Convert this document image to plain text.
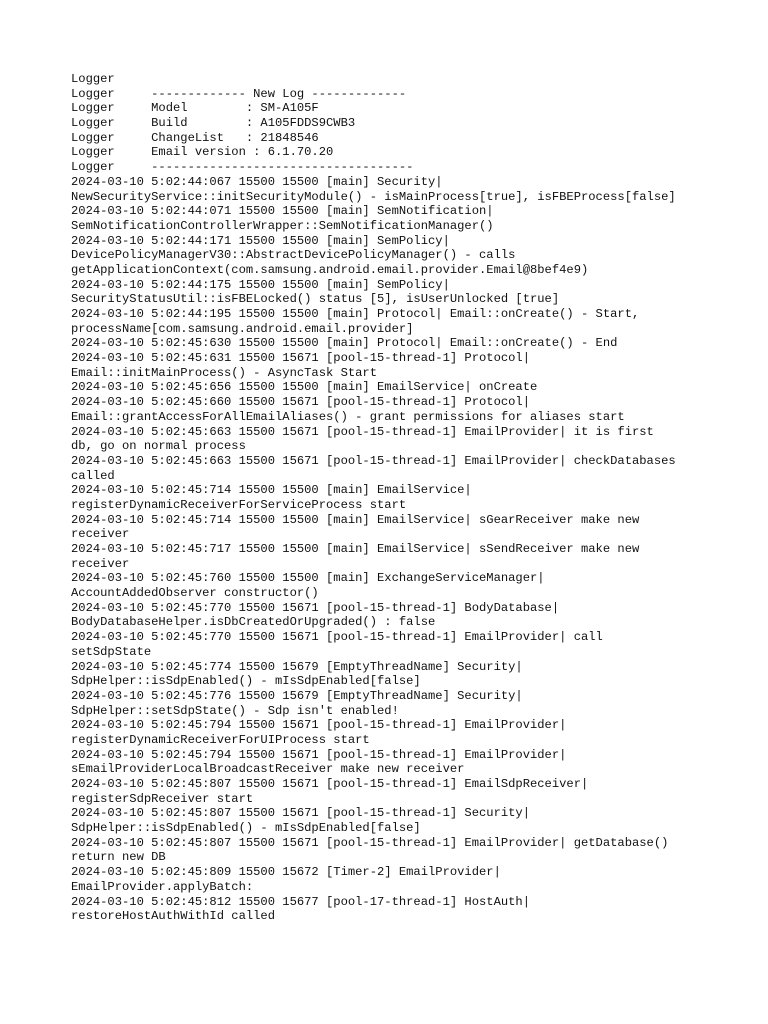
Logger
Logger     ------------- New Log -------------
Logger     Model        : SM-A105F
Logger     Build        : A105FDDS9CWB3
Logger     ChangeList   : 21848546
Logger     Email version : 6.1.70.20
Logger     ------------------------------------
2024-03-10 5:02:44:067 15500 15500 [main] Security|
NewSecurityService::initSecurityModule() - isMainProcess[true], isFBEProcess[false]
2024-03-10 5:02:44:071 15500 15500 [main] SemNotification|
SemNotificationControllerWrapper::SemNotificationManager()
2024-03-10 5:02:44:171 15500 15500 [main] SemPolicy|
DevicePolicyManagerV30::AbstractDevicePolicyManager() - calls
getApplicationContext(com.samsung.android.email.provider.Email@8bef4e9)
2024-03-10 5:02:44:175 15500 15500 [main] SemPolicy|
SecurityStatusUtil::isFBELocked() status [5], isUserUnlocked [true]
2024-03-10 5:02:44:195 15500 15500 [main] Protocol| Email::onCreate() - Start,
processName[com.samsung.android.email.provider]
2024-03-10 5:02:45:630 15500 15500 [main] Protocol| Email::onCreate() - End
2024-03-10 5:02:45:631 15500 15671 [pool-15-thread-1] Protocol|
Email::initMainProcess() - AsyncTask Start
2024-03-10 5:02:45:656 15500 15500 [main] EmailService| onCreate
2024-03-10 5:02:45:660 15500 15671 [pool-15-thread-1] Protocol|
Email::grantAccessForAllEmailAliases() - grant permissions for aliases start
2024-03-10 5:02:45:663 15500 15671 [pool-15-thread-1] EmailProvider| it is first
db, go on normal process
2024-03-10 5:02:45:663 15500 15671 [pool-15-thread-1] EmailProvider| checkDatabases
called
2024-03-10 5:02:45:714 15500 15500 [main] EmailService|
registerDynamicReceiverForServiceProcess start
2024-03-10 5:02:45:714 15500 15500 [main] EmailService| sGearReceiver make new
receiver
2024-03-10 5:02:45:717 15500 15500 [main] EmailService| sSendReceiver make new
receiver
2024-03-10 5:02:45:760 15500 15500 [main] ExchangeServiceManager|
AccountAddedObserver constructor()
2024-03-10 5:02:45:770 15500 15671 [pool-15-thread-1] BodyDatabase|
BodyDatabaseHelper.isDbCreatedOrUpgraded() : false
2024-03-10 5:02:45:770 15500 15671 [pool-15-thread-1] EmailProvider| call
setSdpState
2024-03-10 5:02:45:774 15500 15679 [EmptyThreadName] Security|
SdpHelper::isSdpEnabled() - mIsSdpEnabled[false]
2024-03-10 5:02:45:776 15500 15679 [EmptyThreadName] Security|
SdpHelper::setSdpState() - Sdp isn't enabled!
2024-03-10 5:02:45:794 15500 15671 [pool-15-thread-1] EmailProvider|
registerDynamicReceiverForUIProcess start
2024-03-10 5:02:45:794 15500 15671 [pool-15-thread-1] EmailProvider|
sEmailProviderLocalBroadcastReceiver make new receiver
2024-03-10 5:02:45:807 15500 15671 [pool-15-thread-1] EmailSdpReceiver|
registerSdpReceiver start
2024-03-10 5:02:45:807 15500 15671 [pool-15-thread-1] Security|
SdpHelper::isSdpEnabled() - mIsSdpEnabled[false]
2024-03-10 5:02:45:807 15500 15671 [pool-15-thread-1] EmailProvider| getDatabase()
return new DB
2024-03-10 5:02:45:809 15500 15672 [Timer-2] EmailProvider|
EmailProvider.applyBatch:
2024-03-10 5:02:45:812 15500 15677 [pool-17-thread-1] HostAuth|
restoreHostAuthWithId called
